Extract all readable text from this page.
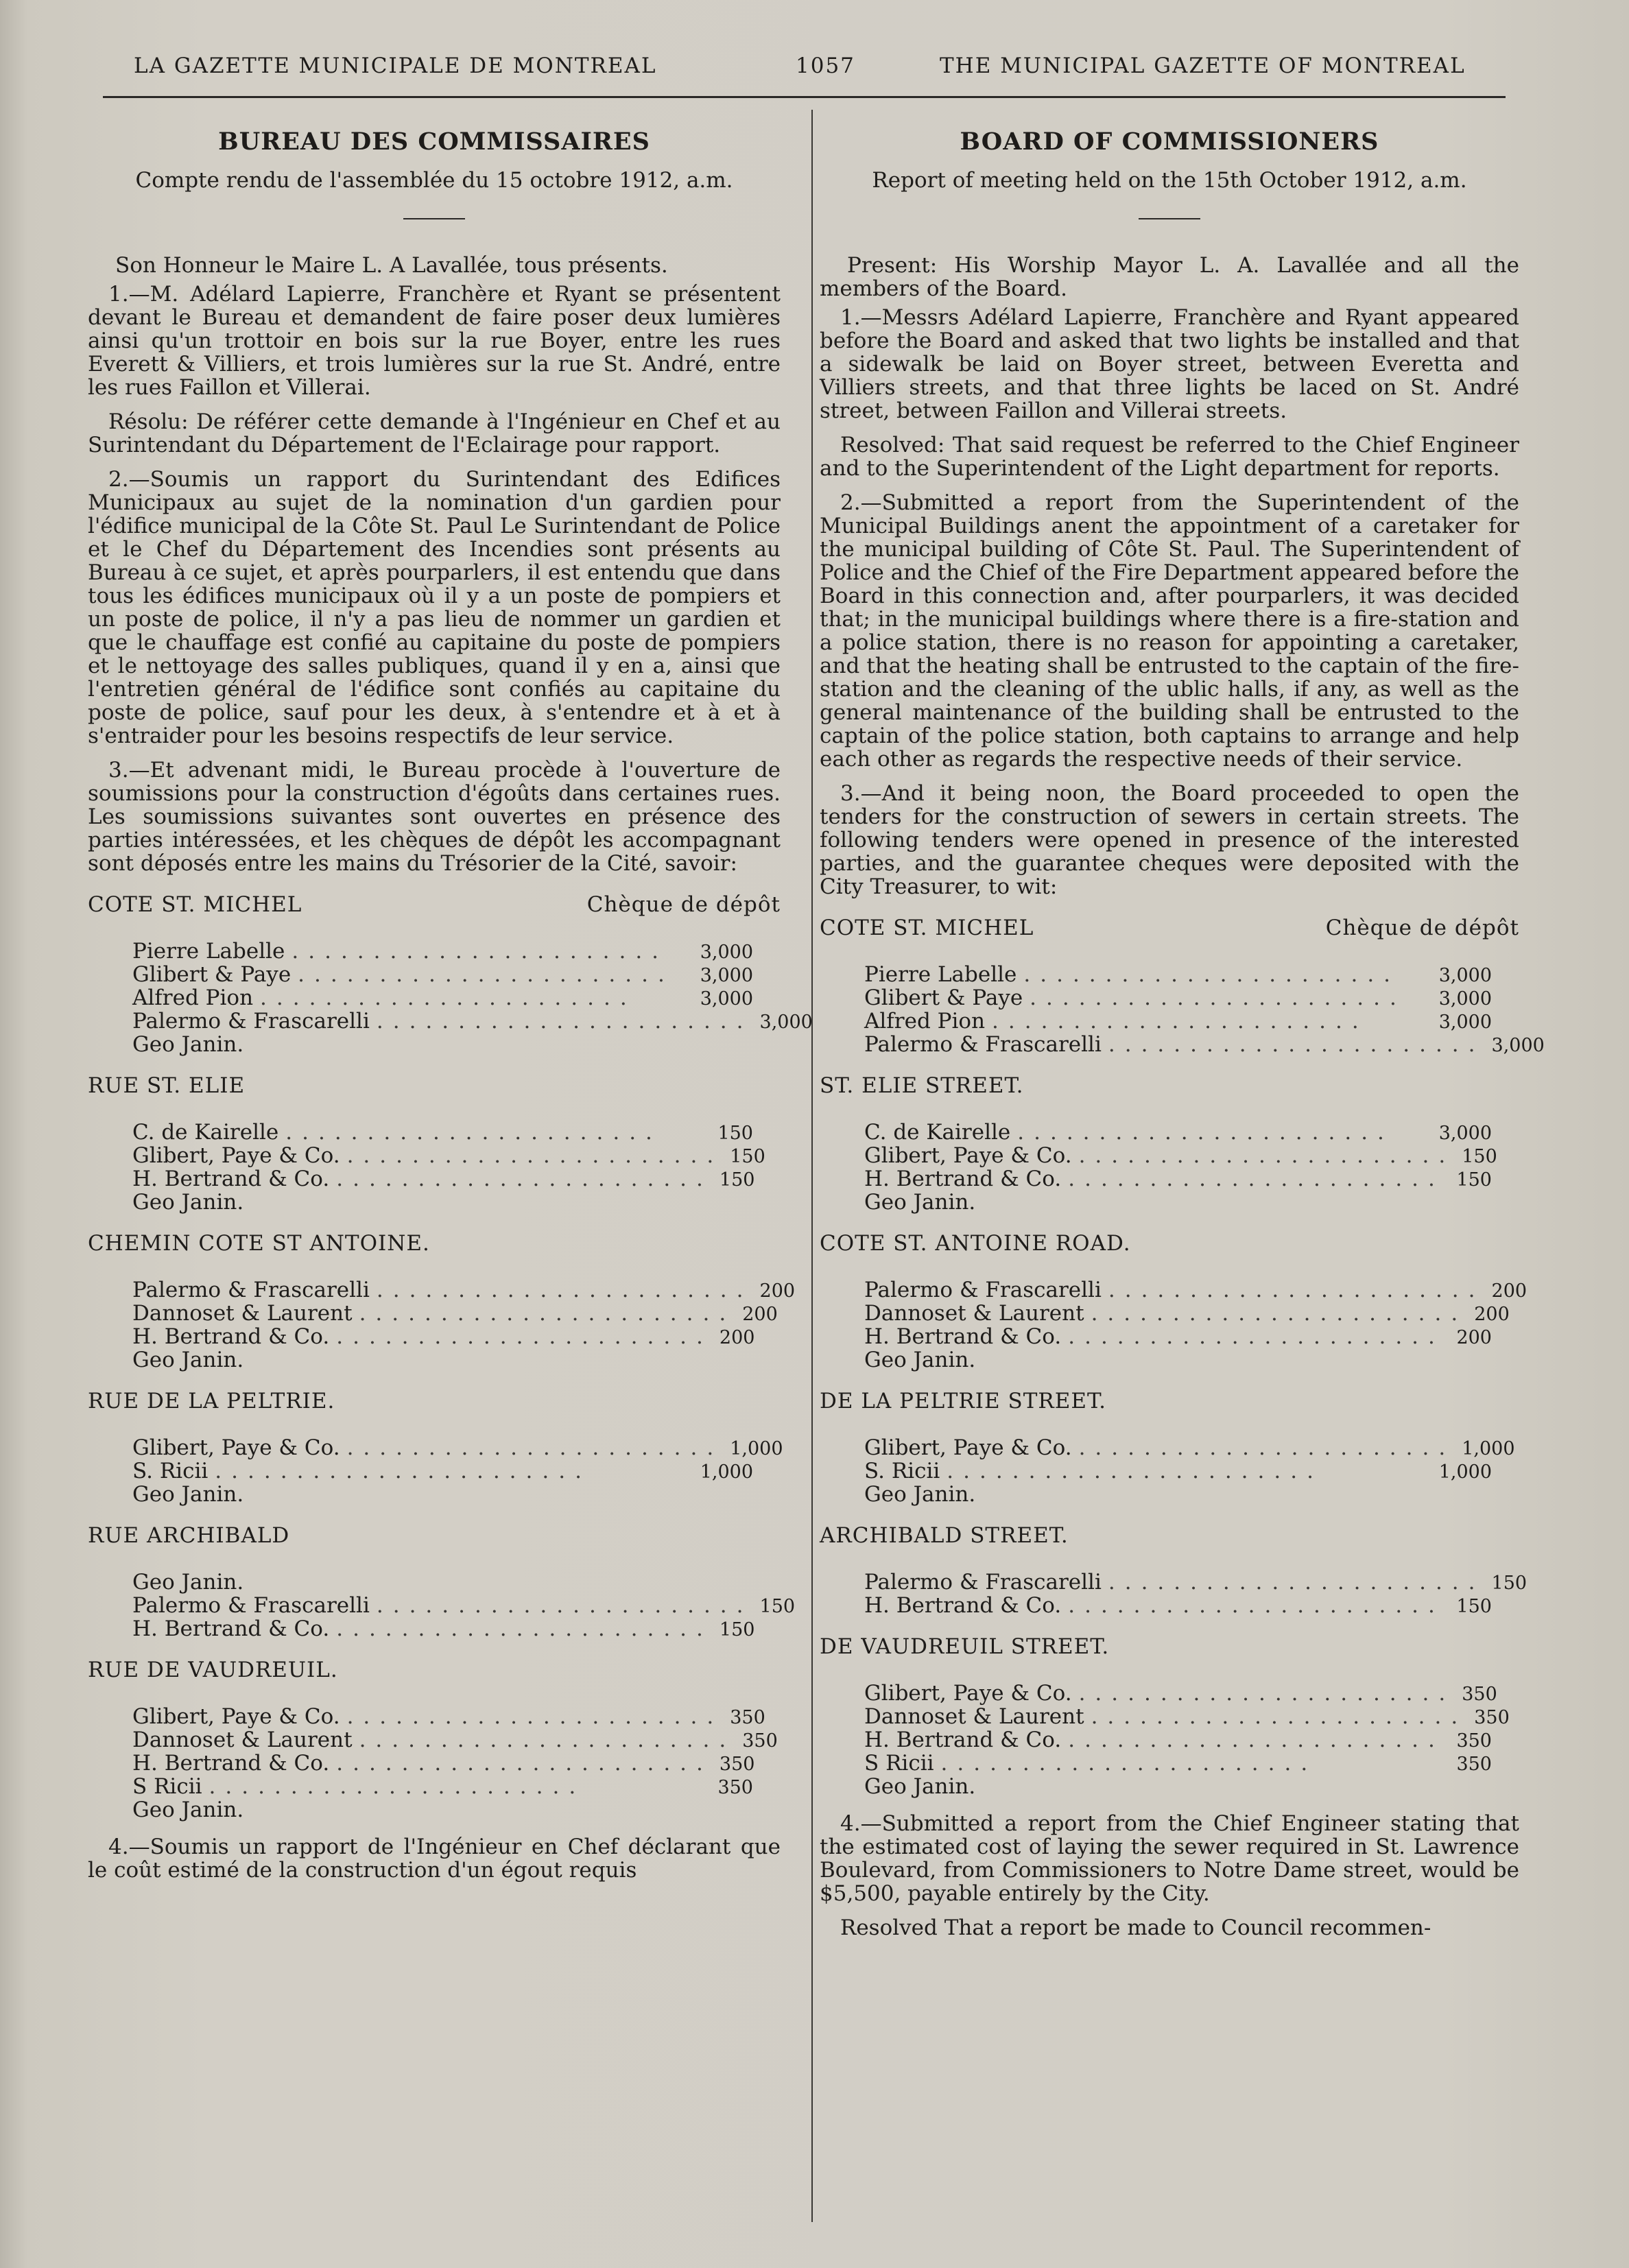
LA GAZETTE MUNICIPALE DE MONTREAL	1057	THE MUNICIPAL GAZETTE OF MONTREAL
BUREAU DES COMMISSAIRES
Compte rendu de l'assemblée du 15 octobre 1912, a.m.

Son Honneur le Maire L. A Lavallée, tous présents.

1.—M. Adélard Lapierre, Franchère et Ryant se présentent devant le Bureau et demandent de faire poser deux lumières ainsi qu'un trottoir en bois sur la rue Boyer, entre les rues Everett & Villiers, et trois lumières sur la rue St. André, entre les rues Faillon et Villerai.

Résolu: De référer cette demande à l'Ingénieur en Chef et au Surintendant du Département de l'Eclairage pour rapport.

2.—Soumis un rapport du Surintendant des Edifices Municipaux au sujet de la nomination d'un gardien pour l'édifice municipal de la Côte St. Paul Le Surintendant de Police et le Chef du Département des Incendies sont présents au Bureau à ce sujet, et après pourparlers, il est entendu que dans tous les édifices municipaux où il y a un poste de pompiers et un poste de police, il n'y a pas lieu de nommer un gardien et que le chauffage est confié au capitaine du poste de pompiers et le nettoyage des salles publiques, quand il y en a, ainsi que l'entretien général de l'édifice sont confiés au capitaine du poste de police, sauf pour les deux, à s'entendre et à et à s'entraider pour les besoins respectifs de leur service.

3.—Et advenant midi, le Bureau procède à l'ouverture de soumissions pour la construction d'égoûts dans certaines rues. Les soumissions suivantes sont ouvertes en présence des parties intéressées, et les chèques de dépôt les accompagnant sont déposés entre les mains du Trésorier de la Cité, savoir:

COTE ST. MICHEL	Chèque de dépôt
Pierre Labelle .......................	3,000
Glibert & Paye .......................	3,000
Alfred Pion .......................	3,000
Palermo & Frascarelli ....................... 3,000
Geo Janin.
RUE ST. ELIE
C. de Kairelle .......................	150
Glibert, Paye & Co. ....................... 150
H. Bertrand & Co. ....................... 150
Geo Janin.
CHEMIN COTE ST ANTOINE.
Palermo & Frascarelli ....................... 200
Dannoset & Laurent ....................... 200
H. Bertrand & Co. ....................... 200
Geo Janin.
RUE DE LA PELTRIE.
Glibert, Paye & Co. ....................... 1,000
S. Ricii .......................	1,000
Geo Janin.
RUE ARCHIBALD
Geo Janin.
Palermo & Frascarelli ....................... 150
H. Bertrand & Co. ....................... 150
RUE DE VAUDREUIL.
Glibert, Paye & Co. ....................... 350
Dannoset & Laurent ....................... 350
H. Bertrand & Co. ....................... 350
S Ricii .......................	350
Geo Janin.

4.—Soumis un rapport de l'Ingénieur en Chef déclarant que le coût estimé de la construction d'un égout requis

BOARD OF COMMISSIONERS
Report of meeting held on the 15th October 1912, a.m.

Present: His Worship Mayor L. A. Lavallée and all the members of the Board.

1.—Messrs Adélard Lapierre, Franchère and Ryant appeared before the Board and asked that two lights be installed and that a sidewalk be laid on Boyer street, between Everetta and Villiers streets, and that three lights be laced on St. André street, between Faillon and Villerai streets.

Resolved: That said request be referred to the Chief Engineer and to the Superintendent of the Light department for reports.

2.—Submitted a report from the Superintendent of the Municipal Buildings anent the appointment of a caretaker for the municipal building of Côte St. Paul. The Superintendent of Police and the Chief of the Fire Department appeared before the Board in this connection and, after pourparlers, it was decided that; in the municipal buildings where there is a fire-station and a police station, there is no reason for appointing a caretaker, and that the heating shall be entrusted to the captain of the fire-station and the cleaning of the ublic halls, if any, as well as the general maintenance of the building shall be entrusted to the captain of the police station, both captains to arrange and help each other as regards the respective needs of their service.

3.—And it being noon, the Board proceeded to open the tenders for the construction of sewers in certain streets. The following tenders were opened in presence of the interested parties, and the guarantee cheques were deposited with the City Treasurer, to wit:

COTE ST. MICHEL	Chèque de dépôt
Pierre Labelle .......................	3,000
Glibert & Paye .......................	3,000
Alfred Pion .......................	3,000
Palermo & Frascarelli ....................... 3,000
ST. ELIE STREET.
C. de Kairelle .......................	3,000
Glibert, Paye & Co. ....................... 150
H. Bertrand & Co. ....................... 150
Geo Janin.
COTE ST. ANTOINE ROAD.
Palermo & Frascarelli ....................... 200
Dannoset & Laurent ....................... 200
H. Bertrand & Co. ....................... 200
Geo Janin.
DE LA PELTRIE STREET.
Glibert, Paye & Co. ....................... 1,000
S. Ricii .......................	1,000
Geo Janin.
ARCHIBALD STREET.
Palermo & Frascarelli ....................... 150
H. Bertrand & Co. ....................... 150
DE VAUDREUIL STREET.
Glibert, Paye & Co. ....................... 350
Dannoset & Laurent ....................... 350
H. Bertrand & Co. ....................... 350
S Ricii .......................	350
Geo Janin.

4.—Submitted a report from the Chief Engineer stating that the estimated cost of laying the sewer required in St. Lawrence Boulevard, from Commissioners to Notre Dame street, would be $5,500, payable entirely by the City.

Resolved That a report be made to Council recommen-
